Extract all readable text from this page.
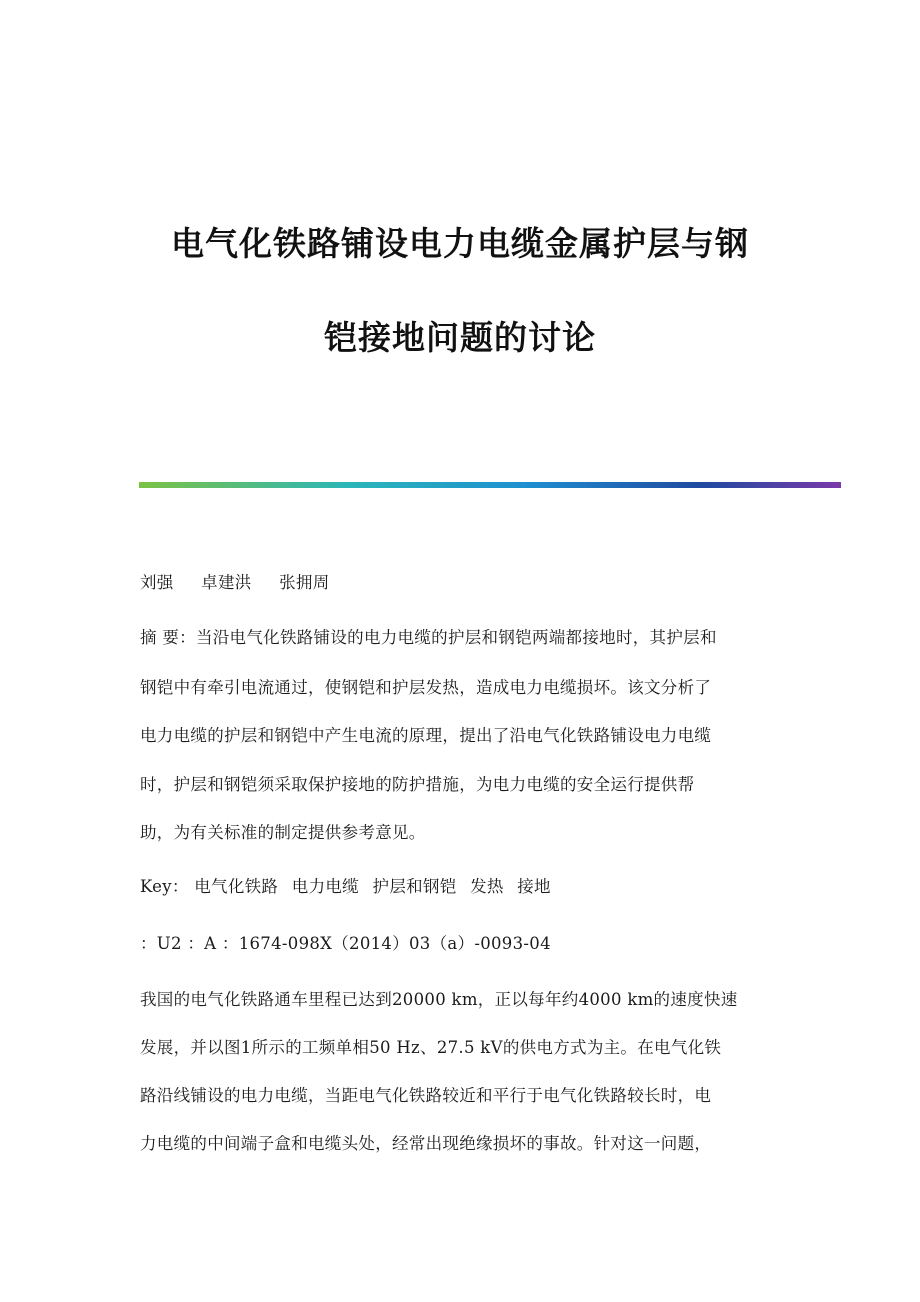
电气化铁路铺设电力电缆金属护层与钢
铠接地问题的讨论
刘强 卓建洪 张拥周
摘 要：当沿电气化铁路铺设的电力电缆的护层和钢铠两端都接地时，其护层和
钢铠中有牵引电流通过，使钢铠和护层发热，造成电力电缆损坏。该文分析了
电力电缆的护层和钢铠中产生电流的原理，提出了沿电气化铁路铺设电力电缆
时，护层和钢铠须采取保护接地的防护措施，为电力电缆的安全运行提供帮
助，为有关标准的制定提供参考意见。
Key： 电气化铁路 电力电缆 护层和钢铠 发热 接地
：U2 ：A ：1674-098X（2014）03（a）-0093-04
我国的电气化铁路通车里程已达到20000 km，正以每年约4000 km的速度快速
发展，并以图1所示的工频单相50 Hz、27.5 kV的供电方式为主。在电气化铁
路沿线铺设的电力电缆，当距电气化铁路较近和平行于电气化铁路较长时，电
力电缆的中间端子盒和电缆头处，经常出现绝缘损坏的事故。针对这一问题，
